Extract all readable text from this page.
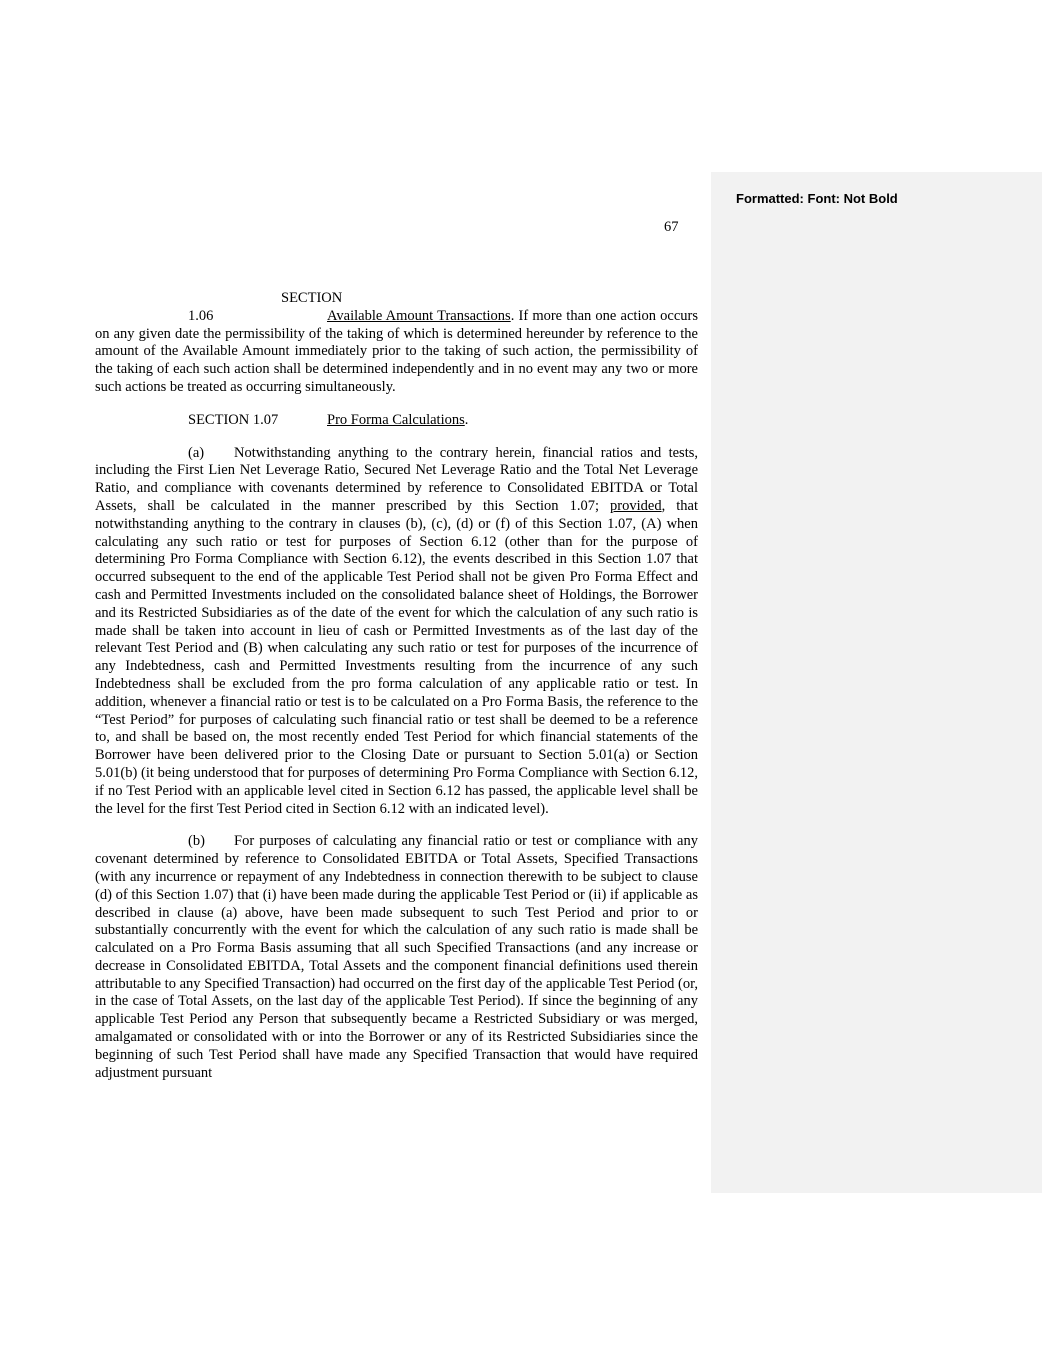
Formatted: Font: Not Bold
67

SECTION 1.06	Available Amount Transactions. If more than one action occurs on any given date the permissibility of the taking of which is determined hereunder by reference to the amount of the Available Amount immediately prior to the taking of such action, the permissibility of the taking of each such action shall be determined independently and in no event may any two or more such actions be treated as occurring simultaneously.

SECTION 1.07	Pro Forma Calculations.

(a) Notwithstanding anything to the contrary herein, financial ratios and tests, including the First Lien Net Leverage Ratio, Secured Net Leverage Ratio and the Total Net Leverage Ratio, and compliance with covenants determined by reference to Consolidated EBITDA or Total Assets, shall be calculated in the manner prescribed by this Section 1.07; provided, that notwithstanding anything to the contrary in clauses (b), (c), (d) or (f) of this Section 1.07, (A) when calculating any such ratio or test for purposes of Section 6.12 (other than for the purpose of determining Pro Forma Compliance with Section 6.12), the events described in this Section 1.07 that occurred subsequent to the end of the applicable Test Period shall not be given Pro Forma Effect and cash and Permitted Investments included on the consolidated balance sheet of Holdings, the Borrower and its Restricted Subsidiaries as of the date of the event for which the calculation of any such ratio is made shall be taken into account in lieu of cash or Permitted Investments as of the last day of the relevant Test Period and (B) when calculating any such ratio or test for purposes of the incurrence of any Indebtedness, cash and Permitted Investments resulting from the incurrence of any such Indebtedness shall be excluded from the pro forma calculation of any applicable ratio or test. In addition, whenever a financial ratio or test is to be calculated on a Pro Forma Basis, the reference to the “Test Period” for purposes of calculating such financial ratio or test shall be deemed to be a reference to, and shall be based on, the most recently ended Test Period for which financial statements of the Borrower have been delivered prior to the Closing Date or pursuant to Section 5.01(a) or Section 5.01(b) (it being understood that for purposes of determining Pro Forma Compliance with Section 6.12, if no Test Period with an applicable level cited in Section 6.12 has passed, the applicable level shall be the level for the first Test Period cited in Section 6.12 with an indicated level).

(b) For purposes of calculating any financial ratio or test or compliance with any covenant determined by reference to Consolidated EBITDA or Total Assets, Specified Transactions (with any incurrence or repayment of any Indebtedness in connection therewith to be subject to clause (d) of this Section 1.07) that (i) have been made during the applicable Test Period or (ii) if applicable as described in clause (a) above, have been made subsequent to such Test Period and prior to or substantially concurrently with the event for which the calculation of any such ratio is made shall be calculated on a Pro Forma Basis assuming that all such Specified Transactions (and any increase or decrease in Consolidated EBITDA, Total Assets and the component financial definitions used therein attributable to any Specified Transaction) had occurred on the first day of the applicable Test Period (or, in the case of Total Assets, on the last day of the applicable Test Period). If since the beginning of any applicable Test Period any Person that subsequently became a Restricted Subsidiary or was merged, amalgamated or consolidated with or into the Borrower or any of its Restricted Subsidiaries since the beginning of such Test Period shall have made any Specified Transaction that would have required adjustment pursuant
